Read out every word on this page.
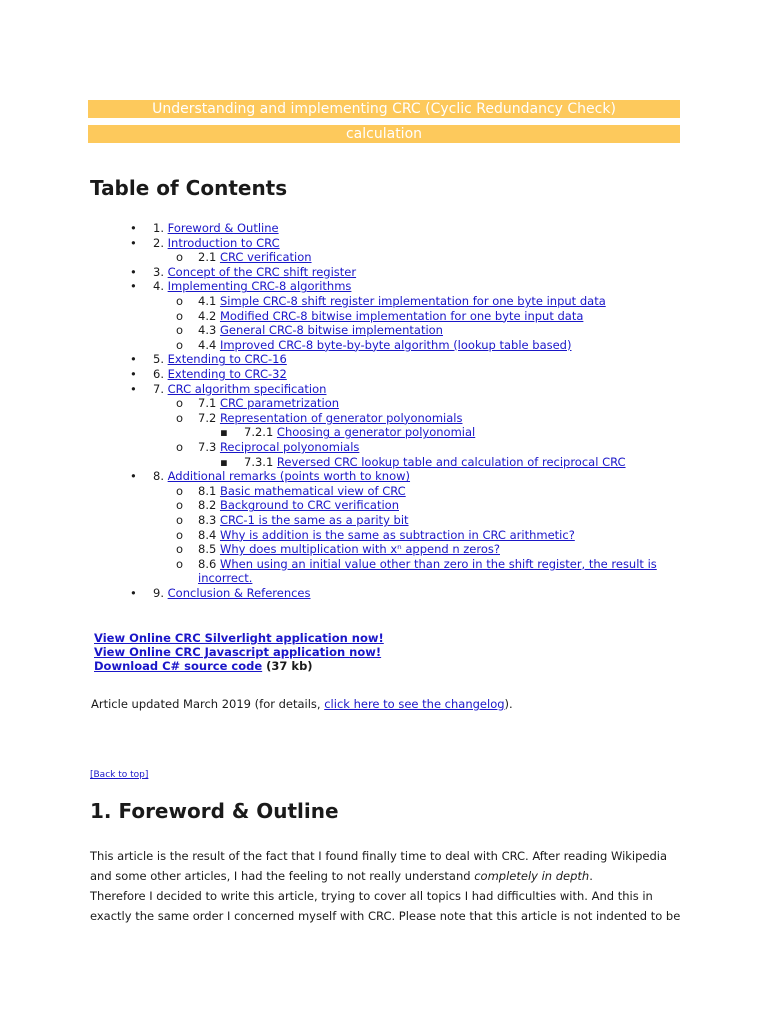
Understanding and implementing CRC (Cyclic Redundancy Check)
calculation
Table of Contents
• 1. Foreword & Outline
• 2. Introduction to CRC
o 2.1 CRC verification
• 3. Concept of the CRC shift register
• 4. Implementing CRC-8 algorithms
o 4.1 Simple CRC-8 shift register implementation for one byte input data
o 4.2 Modified CRC-8 bitwise implementation for one byte input data
o 4.3 General CRC-8 bitwise implementation
o 4.4 Improved CRC-8 byte-by-byte algorithm (lookup table based)
• 5. Extending to CRC-16
• 6. Extending to CRC-32
• 7. CRC algorithm specification
o 7.1 CRC parametrization
o 7.2 Representation of generator polyonomials
▪ 7.2.1 Choosing a generator polyonomial
o 7.3 Reciprocal polyonomials
▪ 7.3.1 Reversed CRC lookup table and calculation of reciprocal CRC
• 8. Additional remarks (points worth to know)
o 8.1 Basic mathematical view of CRC
o 8.2 Background to CRC verification
o 8.3 CRC-1 is the same as a parity bit
o 8.4 Why is addition is the same as subtraction in CRC arithmetic?
o 8.5 Why does multiplication with xⁿ append n zeros?
o 8.6 When using an initial value other than zero in the shift register, the result is
incorrect.
• 9. Conclusion & References
View Online CRC Silverlight application now!
View Online CRC Javascript application now!
Download C# source code (37 kb)
Article updated March 2019 (for details, click here to see the changelog).
[Back to top]
1. Foreword & Outline
This article is the result of the fact that I found finally time to deal with CRC. After reading Wikipedia
and some other articles, I had the feeling to not really understand completely in depth.
Therefore I decided to write this article, trying to cover all topics I had difficulties with. And this in
exactly the same order I concerned myself with CRC. Please note that this article is not indented to be
